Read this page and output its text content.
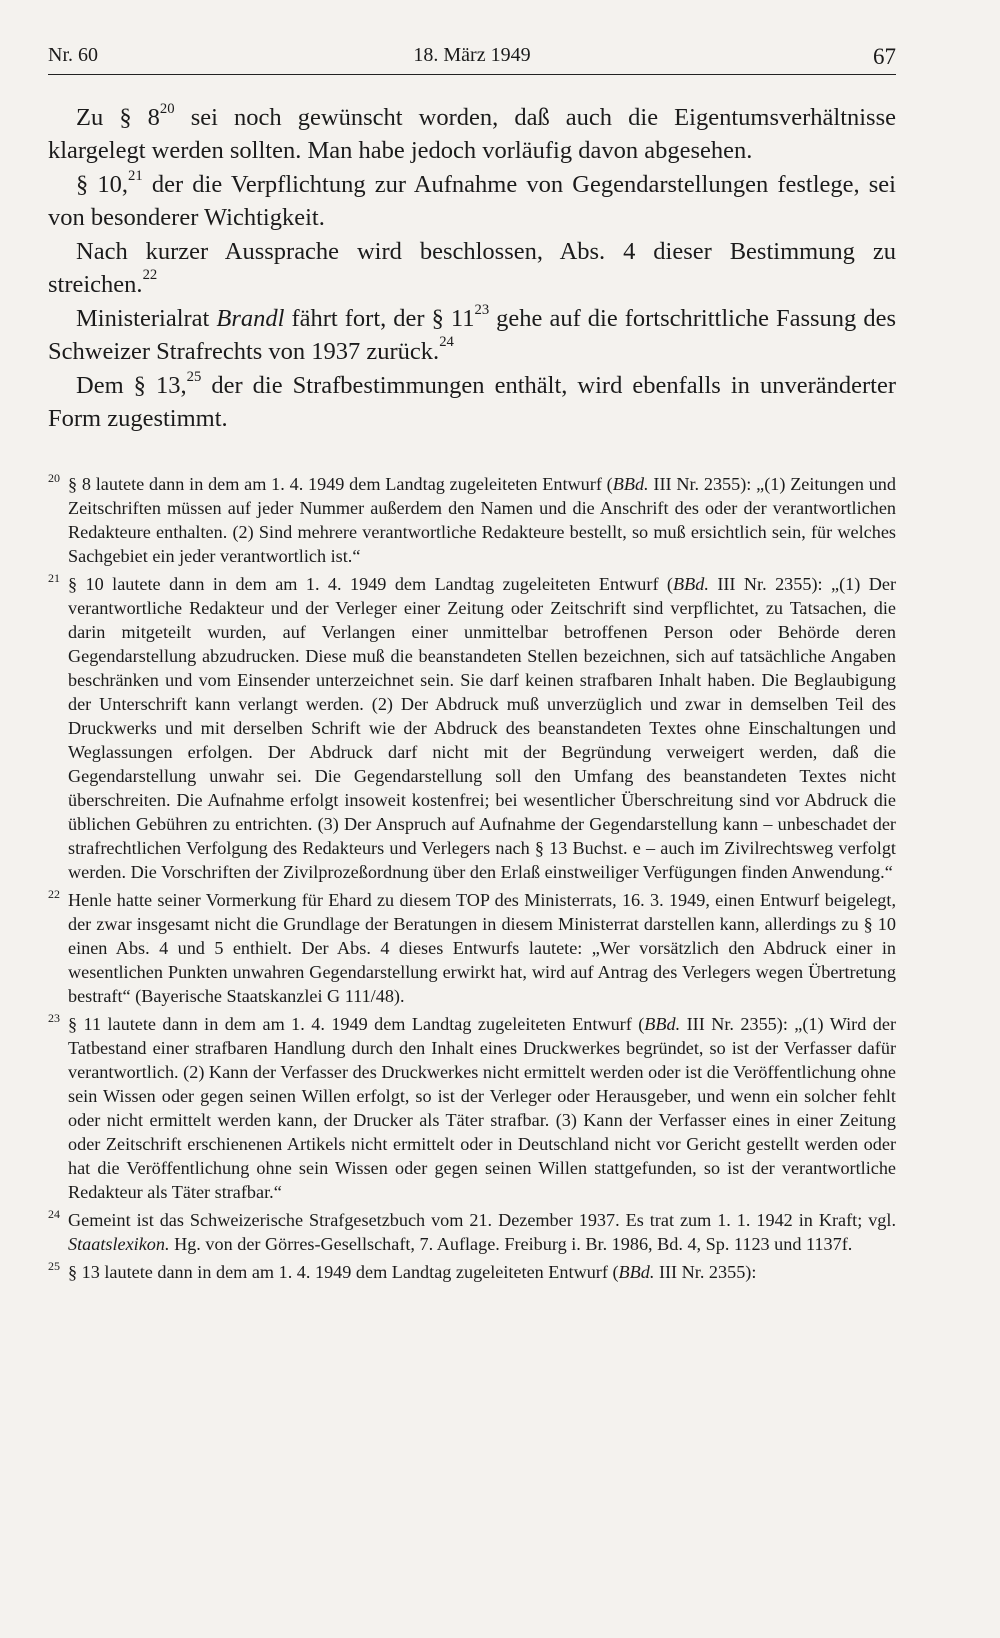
Nr. 60	18. März 1949	67

Zu § $8^{20}$ sei noch gewünscht worden, daß auch die Eigentumsverhältnisse klargelegt werden sollten. Man habe jedoch vorläufig davon abgesehen.

§ 10,21 der die Verpflichtung zur Aufnahme von Gegendarstellungen festlege, sei von besonderer Wichtigkeit.

Nach kurzer Aussprache wird beschlossen, Abs. 4 dieser Bestimmung zu streichen.$^{22}$

Ministerialrat Brandl fährt fort, der § $11^{23}$ gehe auf die fortschrittliche Fassung des Schweizer Strafrechts von 1937 zurück.$^{24}$

Dem § 13,25 der die Strafbestimmungen enthält, wird ebenfalls in unveränderter Form zugestimmt.

20 § 8 lautete dann in dem am 1. 4. 1949 dem Landtag zugeleiteten Entwurf (BBd. III Nr. 2355): „(1) Zeitungen und Zeitschriften müssen auf jeder Nummer außerdem den Namen und die Anschrift des oder der verantwortlichen Redakteure enthalten. (2) Sind mehrere verantwortliche Redakteure bestellt, so muß ersichtlich sein, für welches Sachgebiet ein jeder verantwortlich ist.“
21 § 10 lautete dann in dem am 1. 4. 1949 dem Landtag zugeleiteten Entwurf (BBd. III Nr. 2355): „(1) Der verantwortliche Redakteur und der Verleger einer Zeitung oder Zeitschrift sind verpflichtet, zu Tatsachen, die darin mitgeteilt wurden, auf Verlangen einer unmittelbar betroffenen Person oder Behörde deren Gegendarstellung abzudrucken. Diese muß die beanstandeten Stellen bezeichnen, sich auf tatsächliche Angaben beschränken und vom Einsender unterzeichnet sein. Sie darf keinen strafbaren Inhalt haben. Die Beglaubigung der Unterschrift kann verlangt werden. (2) Der Abdruck muß unverzüglich und zwar in demselben Teil des Druckwerks und mit derselben Schrift wie der Abdruck des beanstandeten Textes ohne Einschaltungen und Weglassungen erfolgen. Der Abdruck darf nicht mit der Begründung verweigert werden, daß die Gegendarstellung unwahr sei. Die Gegendarstellung soll den Umfang des beanstandeten Textes nicht überschreiten. Die Aufnahme erfolgt insoweit kostenfrei; bei wesentlicher Überschreitung sind vor Abdruck die üblichen Gebühren zu entrichten. (3) Der Anspruch auf Aufnahme der Gegendarstellung kann – unbeschadet der strafrechtlichen Verfolgung des Redakteurs und Verlegers nach § 13 Buchst. e – auch im Zivilrechtsweg verfolgt werden. Die Vorschriften der Zivilprozeßordnung über den Erlaß einstweiliger Verfügungen finden Anwendung.“
22 Henle hatte seiner Vormerkung für Ehard zu diesem TOP des Ministerrats, 16. 3. 1949, einen Entwurf beigelegt, der zwar insgesamt nicht die Grundlage der Beratungen in diesem Ministerrat darstellen kann, allerdings zu § 10 einen Abs. 4 und 5 enthielt. Der Abs. 4 dieses Entwurfs lautete: „Wer vorsätzlich den Abdruck einer in wesentlichen Punkten unwahren Gegendarstellung erwirkt hat, wird auf Antrag des Verlegers wegen Übertretung bestraft“ (Bayerische Staatskanzlei G 111/48).
23 § 11 lautete dann in dem am 1. 4. 1949 dem Landtag zugeleiteten Entwurf (BBd. III Nr. 2355): „(1) Wird der Tatbestand einer strafbaren Handlung durch den Inhalt eines Druckwerkes begründet, so ist der Verfasser dafür verantwortlich. (2) Kann der Verfasser des Druckwerkes nicht ermittelt werden oder ist die Veröffentlichung ohne sein Wissen oder gegen seinen Willen erfolgt, so ist der Verleger oder Herausgeber, und wenn ein solcher fehlt oder nicht ermittelt werden kann, der Drucker als Täter strafbar. (3) Kann der Verfasser eines in einer Zeitung oder Zeitschrift erschienenen Artikels nicht ermittelt oder in Deutschland nicht vor Gericht gestellt werden oder hat die Veröffentlichung ohne sein Wissen oder gegen seinen Willen stattgefunden, so ist der verantwortliche Redakteur als Täter strafbar.“
24 Gemeint ist das Schweizerische Strafgesetzbuch vom 21. Dezember 1937. Es trat zum 1. 1. 1942 in Kraft; vgl. Staatslexikon. Hg. von der Görres-Gesellschaft, 7. Auflage. Freiburg i. Br. 1986, Bd. 4, Sp. 1123 und 1137f.
25 § 13 lautete dann in dem am 1. 4. 1949 dem Landtag zugeleiteten Entwurf (BBd. III Nr. 2355):
